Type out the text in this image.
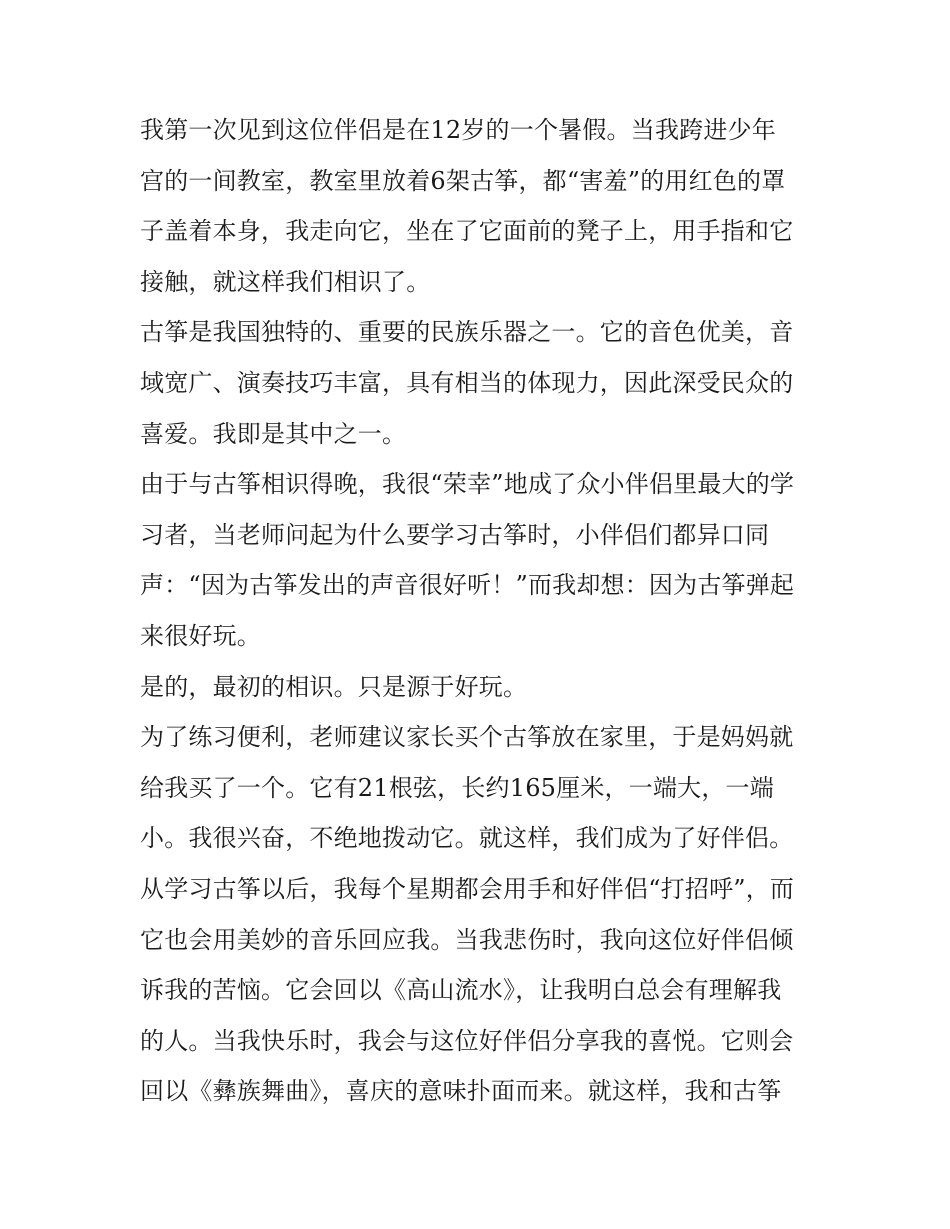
我第一次见到这位伴侣是在12岁的一个暑假。当我跨进少年
宫的一间教室，教室里放着6架古筝，都“害羞”的用红色的罩
子盖着本身，我走向它，坐在了它面前的凳子上，用手指和它
接触，就这样我们相识了。
古筝是我国独特的、重要的民族乐器之一。它的音色优美，音
域宽广、演奏技巧丰富，具有相当的体现力，因此深受民众的
喜爱。我即是其中之一。
由于与古筝相识得晚，我很“荣幸”地成了众小伴侣里最大的学
习者，当老师问起为什么要学习古筝时，小伴侣们都异口同
声：“因为古筝发出的声音很好听！”而我却想：因为古筝弹起
来很好玩。
是的，最初的相识。只是源于好玩。
为了练习便利，老师建议家长买个古筝放在家里，于是妈妈就
给我买了一个。它有21根弦，长约165厘米，一端大，一端
小。我很兴奋，不绝地拨动它。就这样，我们成为了好伴侣。
从学习古筝以后，我每个星期都会用手和好伴侣“打招呼”，而
它也会用美妙的音乐回应我。当我悲伤时，我向这位好伴侣倾
诉我的苦恼。它会回以《高山流水》，让我明白总会有理解我
的人。当我快乐时，我会与这位好伴侣分享我的喜悦。它则会
回以《彝族舞曲》，喜庆的意味扑面而来。就这样，我和古筝
